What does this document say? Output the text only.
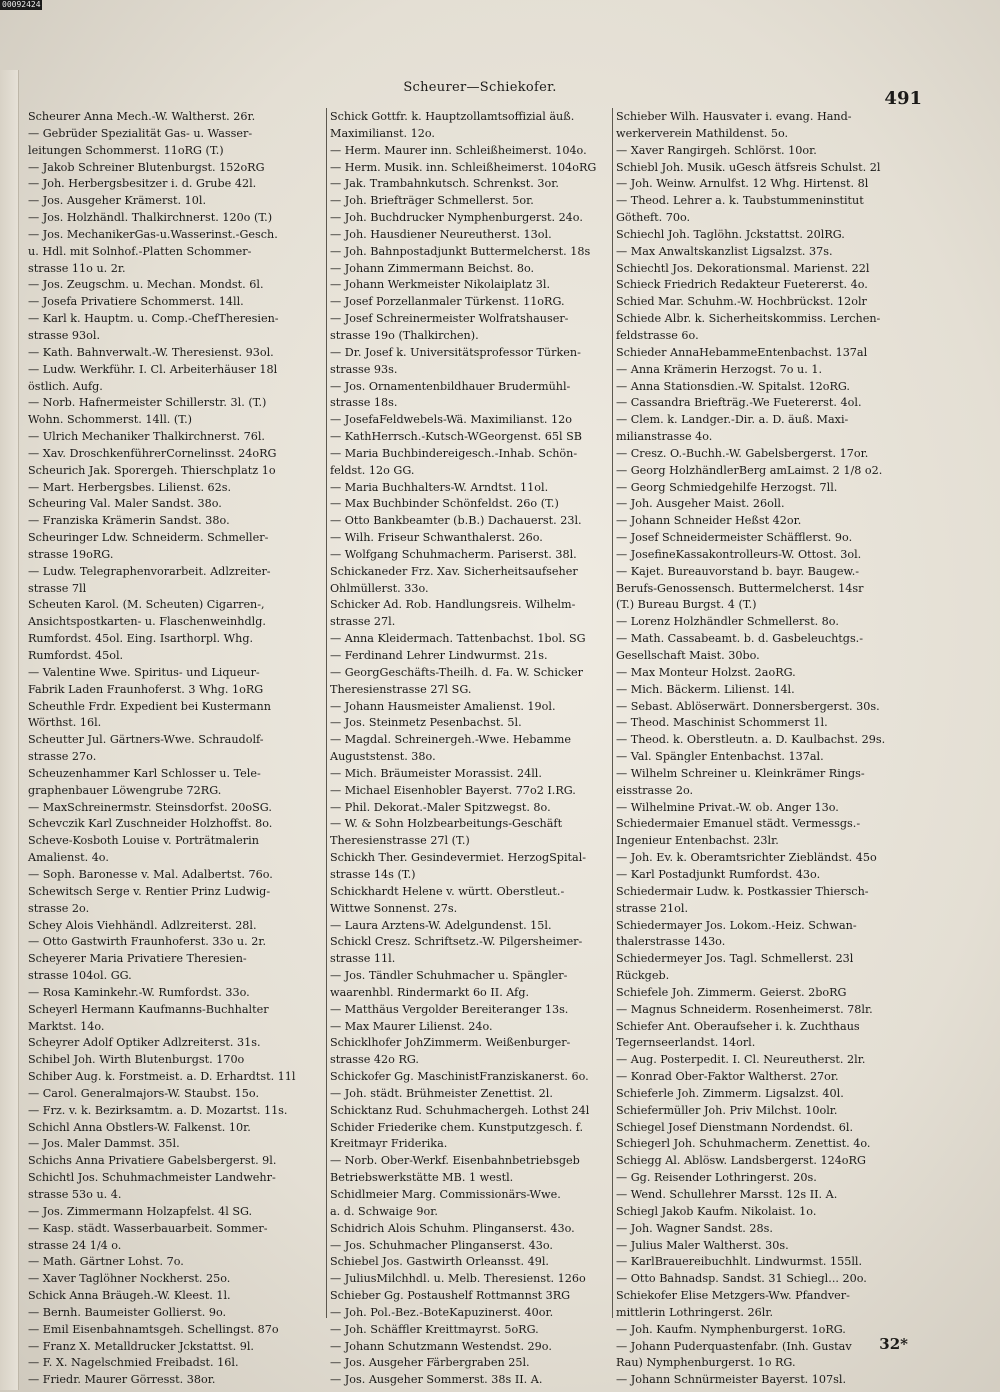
00092424
Scheurer—Schiekofer.
491
Scheurer Anna Mech.-W. Waltherst. 26r.
— Gebrüder Spezialität Gas- u. Wasser-
leitungen Schommerst. 11oRG (T.)
— Jakob Schreiner Blutenburgst. 152oRG
— Joh. Herbergsbesitzer i. d. Grube 42l.
— Jos. Ausgeher Krämerst. 10l.
— Jos. Holzhändl. Thalkirchnerst. 120o (T.)
— Jos. MechanikerGas-u.Wasserinst.-Gesch.
u. Hdl. mit Solnhof.-Platten Schommer-
strasse 11o u. 2r.
— Jos. Zeugschm. u. Mechan. Mondst. 6l.
— Josefa Privatiere Schommerst. 14ll.
— Karl k. Hauptm. u. Comp.-ChefTheresien-
strasse 93ol.
— Kath. Bahnverwalt.-W. Theresienst. 93ol.
— Ludw. Werkführ. I. Cl. Arbeiterhäuser 18l
östlich. Aufg.
— Norb. Hafnermeister Schillerstr. 3l. (T.)
Wohn. Schommerst. 14ll. (T.)
— Ulrich Mechaniker Thalkirchnerst. 76l.
— Xav. DroschkenführerCornelinsst. 24oRG
Scheurich Jak. Sporergeh. Thierschplatz 1o
— Mart. Herbergsbes. Lilienst. 62s.
Scheuring Val. Maler Sandst. 38o.
— Franziska Krämerin Sandst. 38o.
Scheuringer Ldw. Schneiderm. Schmeller-
strasse 19oRG.
— Ludw. Telegraphenvorarbeit. Adlzreiter-
strasse 7ll
Scheuten Karol. (M. Scheuten) Cigarren-,
Ansichtspostkarten- u. Flaschenweinhdlg.
Rumfordst. 45ol. Eing. Isarthorpl. Whg.
Rumfordst. 45ol.
— Valentine Wwe. Spiritus- und Liqueur-
Fabrik Laden Fraunhoferst. 3 Whg. 1oRG
Scheuthle Frdr. Expedient bei Kustermann
Wörthst. 16l.
Scheutter Jul. Gärtners-Wwe. Schraudolf-
strasse 27o.
Scheuzenhammer Karl Schlosser u. Tele-
graphenbauer Löwengrube 72RG.
— MaxSchreinermstr. Steinsdorfst. 20oSG.
Schevczik Karl Zuschneider Holzhoffst. 8o.
Scheve-Kosboth Louise v. Porträtmalerin
Amalienst. 4o.
— Soph. Baronesse v. Mal. Adalbertst. 76o.
Schewitsch Serge v. Rentier Prinz Ludwig-
strasse 2o.
Schey Alois Viehhändl. Adlzreiterst. 28l.
— Otto Gastwirth Fraunhoferst. 33o u. 2r.
Scheyerer Maria Privatiere Theresien-
strasse 104ol. GG.
— Rosa Kaminkehr.-W. Rumfordst. 33o.
Scheyerl Hermann Kaufmanns-Buchhalter
Marktst. 14o.
Scheyrer Adolf Optiker Adlzreiterst. 31s.
Schibel Joh. Wirth Blutenburgst. 170o
Schiber Aug. k. Forstmeist. a. D. Erhardtst. 11l
— Carol. Generalmajors-W. Staubst. 15o.
— Frz. v. k. Bezirksamtm. a. D. Mozartst. 11s.
Schichl Anna Obstlers-W. Falkenst. 10r.
— Jos. Maler Dammst. 35l.
Schichs Anna Privatiere Gabelsbergerst. 9l.
Schichtl Jos. Schuhmachmeister Landwehr-
strasse 53o u. 4.
— Jos. Zimmermann Holzapfelst. 4l SG.
— Kasp. städt. Wasserbauarbeit. Sommer-
strasse 24 1/4 o.
— Math. Gärtner Lohst. 7o.
— Xaver Taglöhner Nockherst. 25o.
Schick Anna Bräugeh.-W. Kleest. 1l.
— Bernh. Baumeister Gollierst. 9o.
— Emil Eisenbahnamtsgeh. Schellingst. 87o
— Franz X. Metalldrucker Jckstattst. 9l.
— F. X. Nagelschmied Freibadst. 16l.
— Friedr. Maurer Görresst. 38or.
Schick Gottfr. k. Hauptzollamtsoffizial äuß.
Maximilianst. 12o.
— Herm. Maurer inn. Schleißheimerst. 104o.
— Herm. Musik. inn. Schleißheimerst. 104oRG
— Jak. Trambahnkutsch. Schrenkst. 3or.
— Joh. Briefträger Schmellerst. 5or.
— Joh. Buchdrucker Nymphenburgerst. 24o.
— Joh. Hausdiener Neureutherst. 13ol.
— Joh. Bahnpostadjunkt Buttermelcherst. 18s
— Johann Zimmermann Beichst. 8o.
— Johann Werkmeister Nikolaiplatz 3l.
— Josef Porzellanmaler Türkenst. 11oRG.
— Josef Schreinermeister Wolfratshauser-
strasse 19o (Thalkirchen).
— Dr. Josef k. Universitätsprofessor Türken-
strasse 93s.
— Jos. Ornamentenbildhauer Brudermühl-
strasse 18s.
— JosefaFeldwebels-Wä. Maximilianst. 12o
— KathHerrsch.-Kutsch-WGeorgenst. 65l SB
— Maria Buchbindereigesch.-Inhab. Schön-
feldst. 12o GG.
— Maria Buchhalters-W. Arndtst. 11ol.
— Max Buchbinder Schönfeldst. 26o (T.)
— Otto Bankbeamter (b.B.) Dachauerst. 23l.
— Wilh. Friseur Schwanthalerst. 26o.
— Wolfgang Schuhmacherm. Pariserst. 38l.
Schickaneder Frz. Xav. Sicherheitsaufseher
Ohlmüllerst. 33o.
Schicker Ad. Rob. Handlungsreis. Wilhelm-
strasse 27l.
— Anna Kleidermach. Tattenbachst. 1bol. SG
— Ferdinand Lehrer Lindwurmst. 21s.
— GeorgGeschäfts-Theilh. d. Fa. W. Schicker
Theresienstrasse 27l SG.
— Johann Hausmeister Amalienst. 19ol.
— Jos. Steinmetz Pesenbachst. 5l.
— Magdal. Schreinergeh.-Wwe. Hebamme
Auguststenst. 38o.
— Mich. Bräumeister Morassist. 24ll.
— Michael Eisenhobler Bayerst. 77o2 I.RG.
— Phil. Dekorat.-Maler Spitzwegst. 8o.
— W. & Sohn Holzbearbeitungs-Geschäft
Theresienstrasse 27l (T.)
Schickh Ther. Gesindevermiet. HerzogSpital-
strasse 14s (T.)
Schickhardt Helene v. württ. Oberstleut.-
Wittwe Sonnenst. 27s.
— Laura Arztens-W. Adelgundenst. 15l.
Schickl Cresz. Schriftsetz.-W. Pilgersheimer-
strasse 11l.
— Jos. Tändler Schuhmacher u. Spängler-
waarenhbl. Rindermarkt 6o II. Afg.
— Matthäus Vergolder Bereiteranger 13s.
— Max Maurer Lilienst. 24o.
Schicklhofer JohZimmerm. Weißenburger-
strasse 42o RG.
Schickofer Gg. MaschinistFranziskanerst. 6o.
— Joh. städt. Brühmeister Zenettist. 2l.
Schicktanz Rud. Schuhmachergeh. Lothst 24l
Schider Friederike chem. Kunstputzgesch. f.
Kreitmayr Friderika.
— Norb. Ober-Werkf. Eisenbahnbetriebsgeb
Betriebswerkstätte MB. 1 westl.
Schidlmeier Marg. Commissionärs-Wwe.
a. d. Schwaige 9or.
Schidrich Alois Schuhm. Plinganserst. 43o.
— Jos. Schuhmacher Plinganserst. 43o.
Schiebel Jos. Gastwirth Orleansst. 49l.
— JuliusMilchhdl. u. Melb. Theresienst. 126o
Schieber Gg. Postaushelf Rottmannst 3RG
— Joh. Pol.-Bez.-BoteKapuzinerst. 40or.
— Joh. Schäffler Kreittmayrst. 5oRG.
— Johann Schutzmann Westendst. 29o.
— Jos. Ausgeher Färbergraben 25l.
— Jos. Ausgeher Sommerst. 38s II. A.
Schieber Wilh. Hausvater i. evang. Hand-
werkerverein Mathildenst. 5o.
— Xaver Rangirgeh. Schlörst. 10or.
Schiebl Joh. Musik. uGesch ätfsreis Schulst. 2l
— Joh. Weinw. Arnulfst. 12 Whg. Hirtenst. 8l
— Theod. Lehrer a. k. Taubstummeninstitut
Götheft. 70o.
Schiechl Joh. Taglöhn. Jckstattst. 20lRG.
— Max Anwaltskanzlist Ligsalzst. 37s.
Schiechtl Jos. Dekorationsmal. Marienst. 22l
Schieck Friedrich Redakteur Fuetererst. 4o.
Schied Mar. Schuhm.-W. Hochbrückst. 12olr
Schiede Albr. k. Sicherheitskommiss. Lerchen-
feldstrasse 6o.
Schieder AnnaHebammeEntenbachst. 137al
— Anna Krämerin Herzogst. 7o u. 1.
— Anna Stationsdien.-W. Spitalst. 12oRG.
— Cassandra Briefträg.-We Fuetererst. 4ol.
— Clem. k. Landger.-Dir. a. D. äuß. Maxi-
milianstrasse 4o.
— Cresz. O.-Buchh.-W. Gabelsbergerst. 17or.
— Georg HolzhändlerBerg amLaimst. 2 1/8 o2.
— Georg Schmiedgehilfe Herzogst. 7ll.
— Joh. Ausgeher Maist. 26oll.
— Johann Schneider Heßst 42or.
— Josef Schneidermeister Schäfflerst. 9o.
— JosefineKassakontrolleurs-W. Ottost. 3ol.
— Kajet. Bureauvorstand b. bayr. Baugew.-
Berufs-Genossensch. Buttermelcherst. 14sr
(T.) Bureau Burgst. 4 (T.)
— Lorenz Holzhändler Schmellerst. 8o.
— Math. Cassabeamt. b. d. Gasbeleuchtgs.-
Gesellschaft Maist. 30bo.
— Max Monteur Holzst. 2aoRG.
— Mich. Bäckerm. Lilienst. 14l.
— Sebast. Ablöserwärt. Donnersbergerst. 30s.
— Theod. Maschinist Schommerst 1l.
— Theod. k. Oberstleutn. a. D. Kaulbachst. 29s.
— Val. Spängler Entenbachst. 137al.
— Wilhelm Schreiner u. Kleinkrämer Rings-
eisstrasse 2o.
— Wilhelmine Privat.-W. ob. Anger 13o.
Schiedermaier Emanuel städt. Vermessgs.-
Ingenieur Entenbachst. 23lr.
— Joh. Ev. k. Oberamtsrichter Ziebländst. 45o
— Karl Postadjunkt Rumfordst. 43o.
Schiedermair Ludw. k. Postkassier Thiersch-
strasse 21ol.
Schiedermayer Jos. Lokom.-Heiz. Schwan-
thalerstrasse 143o.
Schiedermeyer Jos. Tagl. Schmellerst. 23l
Rückgeb.
Schiefele Joh. Zimmerm. Geierst. 2boRG
— Magnus Schneiderm. Rosenheimerst. 78lr.
Schiefer Ant. Oberaufseher i. k. Zuchthaus
Tegernseerlandst. 14orl.
— Aug. Posterpedit. I. Cl. Neureutherst. 2lr.
— Konrad Ober-Faktor Waltherst. 27or.
Schieferle Joh. Zimmerm. Ligsalzst. 40l.
Schiefermüller Joh. Priv Milchst. 10olr.
Schiegel Josef Dienstmann Nordendst. 6l.
Schiegerl Joh. Schuhmacherm. Zenettist. 4o.
Schiegg Al. Ablösw. Landsbergerst. 124oRG
— Gg. Reisender Lothringerst. 20s.
— Wend. Schullehrer Marsst. 12s II. A.
Schiegl Jakob Kaufm. Nikolaist. 1o.
— Joh. Wagner Sandst. 28s.
— Julius Maler Waltherst. 30s.
— KarlBrauereibuchhlt. Lindwurmst. 155ll.
— Otto Bahnadsp. Sandst. 31 Schiegl... 20o.
Schiekofer Elise Metzgers-Ww. Pfandver-
mittlerin Lothringerst. 26lr.
— Joh. Kaufm. Nymphenburgerst. 1oRG.
— Johann Puderquastenfabr. (Inh. Gustav
Rau) Nymphenburgerst. 1o RG.
— Johann Schnürmeister Bayerst. 107sl.
32*
